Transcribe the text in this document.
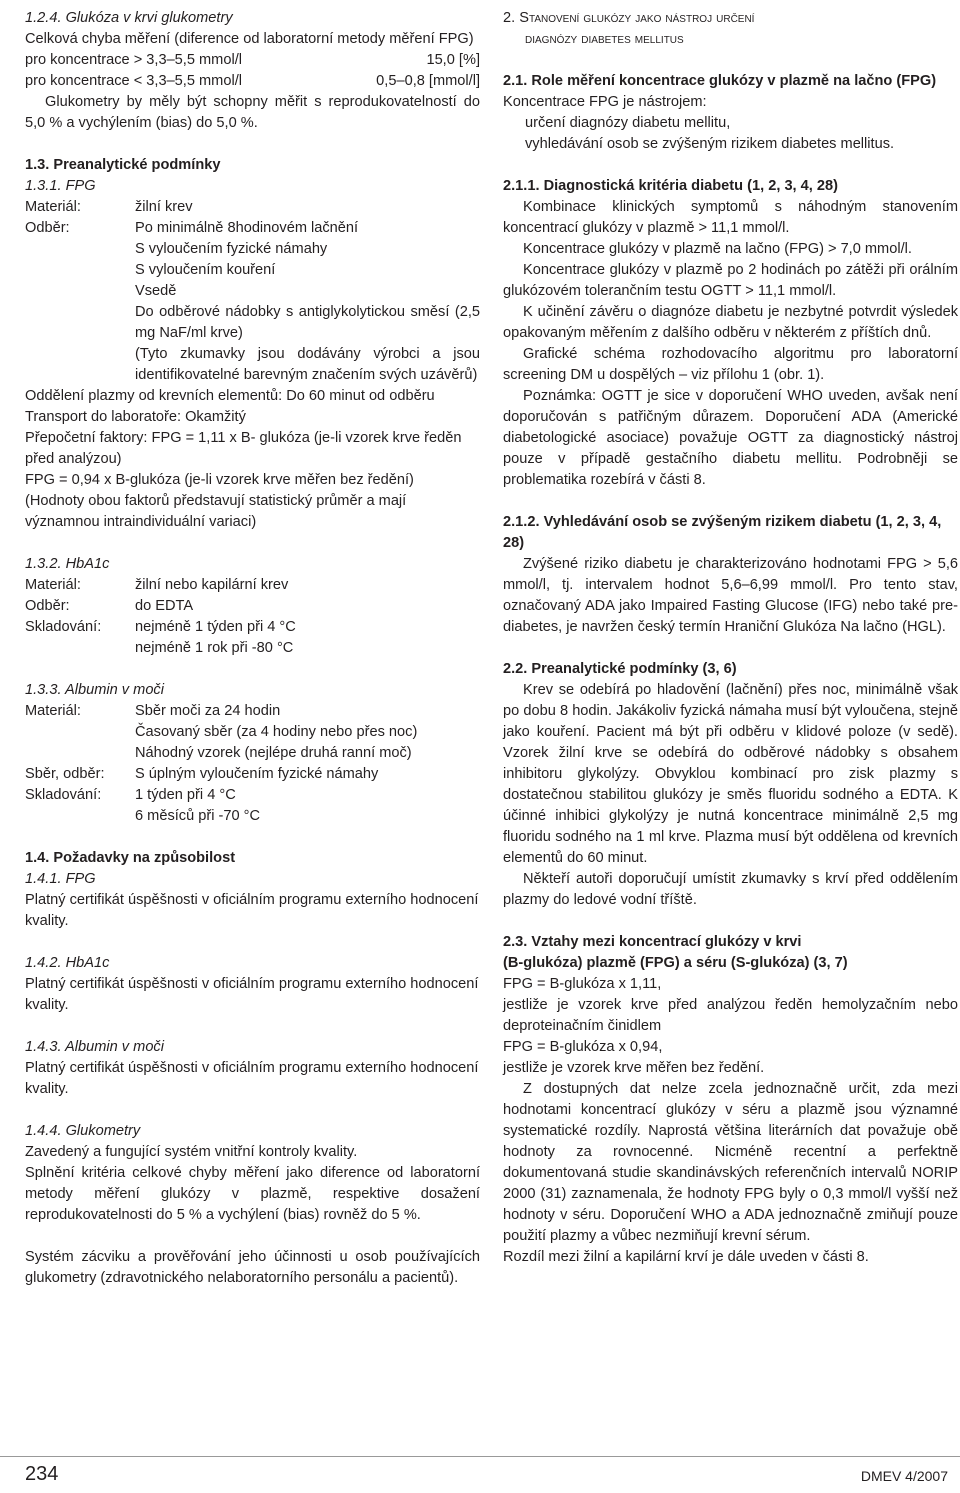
1.2.4. Glukóza v krvi glukometry

Celková chyba měření (diference od laboratorní metody měření FPG)

pro koncentrace > 3,3–5,5 mmol/l	15,0 [%]
pro koncentrace < 3,3–5,5 mmol/l	0,5–0,8 [mmol/l]

Glukometry by měly být schopny měřit s reprodukovatelností do 5,0 % a vychýlením (bias) do 5,0 %.

1.3. Preanalytické podmínky

1.3.1. FPG

Materiál:	žilní krev
Odběr:	Po minimálně 8hodinovém lačnění

S vyloučením fyzické námahy

S vyloučením kouření

Vsedě

Do odběrové nádobky s antiglykolytickou směsí (2,5 mg NaF/ml krve)

(Tyto zkumavky jsou dodávány výrobci a jsou identifikovatelné barevným značením svých uzávěrů)

Oddělení plazmy od krevních elementů: Do 60 minut od odběru

Transport do laboratoře: Okamžitý

Přepočetní faktory: FPG = 1,11 x B- glukóza (je-li vzorek krve ředěn před analýzou)

FPG = 0,94 x B-glukóza (je-li vzorek krve měřen bez ředění)

(Hodnoty obou faktorů představují statistický průměr a mají významnou intraindividuální variaci)

1.3.2. HbA1c

Materiál:	žilní nebo kapilární krev

Odběr:	do EDTA

Skladování:	nejméně 1 týden při 4 °C

nejméně 1 rok při -80 °C

1.3.3. Albumin v moči

Materiál:	Sběr moči za 24 hodin

Časovaný sběr (za 4 hodiny nebo přes noc)

Náhodný vzorek (nejlépe druhá ranní moč)

Sběr, odběr:	S úplným vyloučením fyzické námahy

Skladování:	1 týden při 4 °C

6 měsíců při -70 °C

1.4. Požadavky na způsobilost

1.4.1. FPG

Platný certifikát úspěšnosti v oficiálním programu externího hodnocení kvality.

1.4.2. HbA1c

Platný certifikát úspěšnosti v oficiálním programu externího hodnocení kvality.

1.4.3. Albumin v moči

Platný certifikát úspěšnosti v oficiálním programu externího hodnocení kvality.

1.4.4. Glukometry

Zavedený a fungující systém vnitřní kontroly kvality.

Splnění kritéria celkové chyby měření jako diference od laboratorní metody měření glukózy v plazmě, respektive dosažení reprodukovatelnosti do 5 % a vychýlení (bias) rovněž do 5 %.

Systém zácviku a prověřování jeho účinnosti u osob používajících glukometry (zdravotnického nelaboratorního personálu a pacientů).

2. Stanovení glukózy jako nástroj určení

diagnózy diabetes mellitus

2.1. Role měření koncentrace glukózy v plazmě na lačno (FPG)

Koncentrace FPG je nástrojem:

určení diagnózy diabetu mellitu,

vyhledávání osob se zvýšeným rizikem diabetes mellitus.

2.1.1. Diagnostická kritéria diabetu (1, 2, 3, 4, 28)

Kombinace klinických symptomů s náhodným stanovením koncentrací glukózy v plazmě > 11,1 mmol/l.

Koncentrace glukózy v plazmě na lačno (FPG) > 7,0 mmol/l.

Koncentrace glukózy v plazmě po 2 hodinách po zátěži při orálním glukózovém tolerančním testu OGTT > 11,1 mmol/l.

K učinění závěru o diagnóze diabetu je nezbytné potvrdit výsledek opakovaným měřením z dalšího odběru v některém z příštích dnů.

Grafické schéma rozhodovacího algoritmu pro laboratorní screening DM u dospělých – viz přílohu 1 (obr. 1).

Poznámka: OGTT je sice v doporučení WHO uveden, avšak není doporučován s patřičným důrazem. Doporučení ADA (Americké diabetologické asociace) považuje OGTT za diagnostický nástroj pouze v případě gestačního diabetu mellitu. Podrobněji se problematika rozebírá v části 8.

2.1.2. Vyhledávání osob se zvýšeným rizikem diabetu (1, 2, 3, 4, 28)

Zvýšené riziko diabetu je charakterizováno hodnotami FPG > 5,6 mmol/l, tj. intervalem hodnot 5,6–6,99 mmol/l. Pro tento stav, označovaný ADA jako Impaired Fasting Glucose (IFG) nebo také pre-diabetes, je navržen český termín Hraniční Glukóza Na lačno (HGL).

2.2. Preanalytické podmínky (3, 6)

Krev se odebírá po hladovění (lačnění) přes noc, minimálně však po dobu 8 hodin. Jakákoliv fyzická námaha musí být vyloučena, stejně jako kouření. Pacient má být při odběru v klidové poloze (v sedě). Vzorek žilní krve se odebírá do odběrové nádobky s obsahem inhibitoru glykolýzy. Obvyklou kombinací pro zisk plazmy s dostatečnou stabilitou glukózy je směs fluoridu sodného a EDTA. K účinné inhibici glykolýzy je nutná koncentrace minimálně 2,5 mg fluoridu sodného na 1 ml krve. Plazma musí být oddělena od krevních elementů do 60 minut.

Někteří autoři doporučují umístit zkumavky s krví před oddělením plazmy do ledové vodní tříště.

2.3. Vztahy mezi koncentrací glukózy v krvi

(B-glukóza) plazmě (FPG) a séru (S-glukóza) (3, 7)

FPG = B-glukóza x 1,11,

jestliže je vzorek krve před analýzou ředěn hemolyzačním nebo deproteinačním činidlem

FPG = B-glukóza x 0,94,

jestliže je vzorek krve měřen bez ředění.

Z dostupných dat nelze zcela jednoznačně určit, zda mezi hodnotami koncentrací glukózy v séru a plazmě jsou významné systematické rozdíly. Naprostá většina literárních dat považuje obě hodnoty za rovnocenné. Nicméně recentní a perfektně dokumentovaná studie skandinávských referenčních intervalů NORIP 2000 (31) zaznamenala, že hodnoty FPG byly o 0,3 mmol/l vyšší než hodnoty v séru. Doporučení WHO a ADA jednoznačně zmiňují pouze použití plazmy a vůbec nezmiňují krevní sérum.

Rozdíl mezi žilní a kapilární krví je dále uveden v části 8.

234	DMEV 4/2007
